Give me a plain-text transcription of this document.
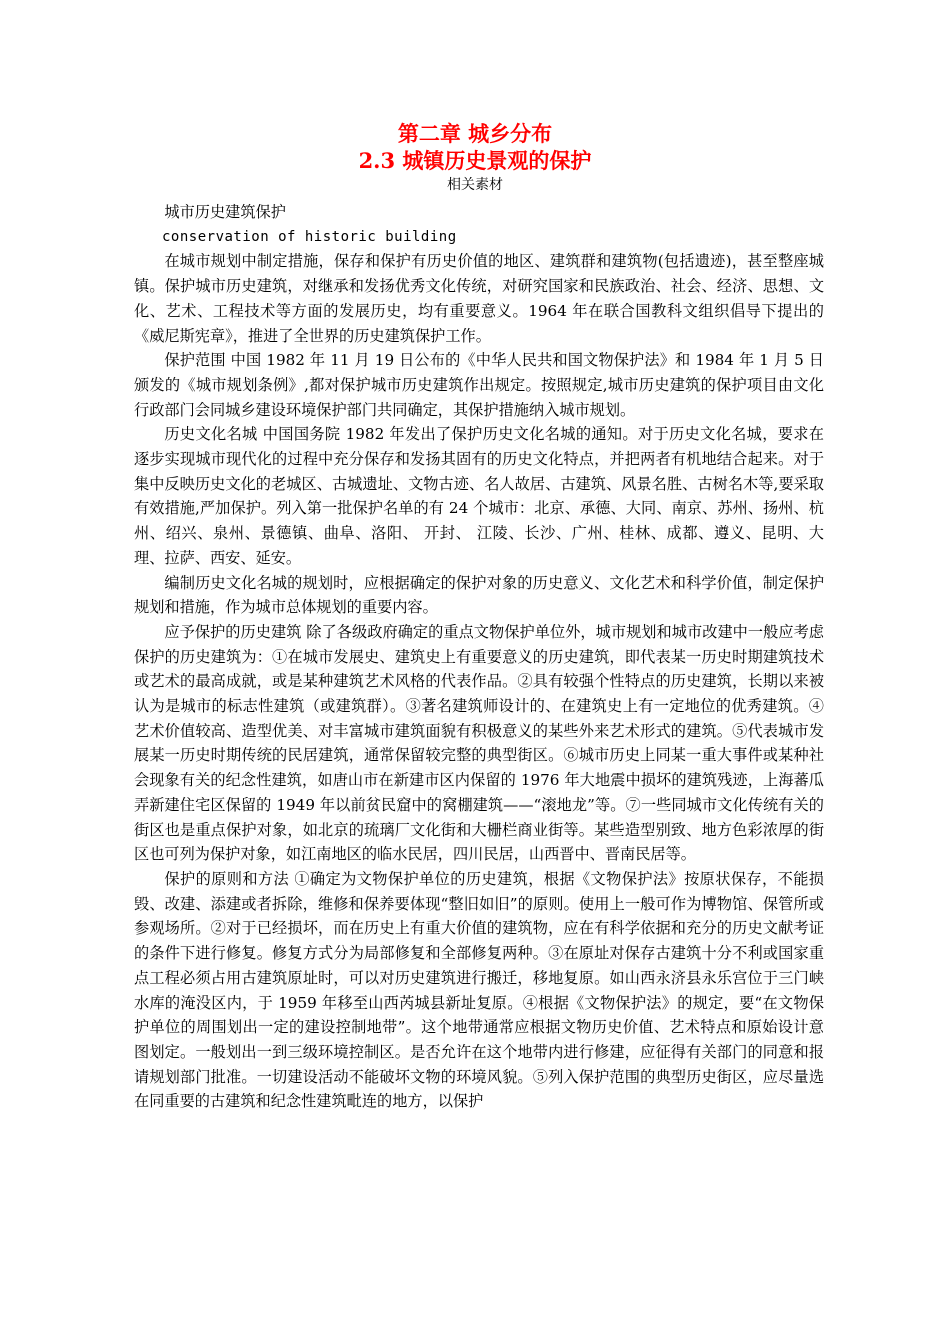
第二章 城乡分布
2.3 城镇历史景观的保护
相关素材
城市历史建筑保护
conservation of historic building

在城市规划中制定措施，保存和保护有历史价值的地区、建筑群和建筑物(包括遗迹)，甚至整座城镇。保护城市历史建筑，对继承和发扬优秀文化传统，对研究国家和民族政治、社会、经济、思想、文化、艺术、工程技术等方面的发展历史，均有重要意义。1964 年在联合国教科文组织倡导下提出的《威尼斯宪章》，推进了全世界的历史建筑保护工作。

保护范围 中国 1982 年 11 月 19 日公布的《中华人民共和国文物保护法》和 1984 年 1 月 5 日颁发的《城市规划条例》,都对保护城市历史建筑作出规定。按照规定,城市历史建筑的保护项目由文化行政部门会同城乡建设环境保护部门共同确定，其保护措施纳入城市规划。

历史文化名城 中国国务院 1982 年发出了保护历史文化名城的通知。对于历史文化名城，要求在逐步实现城市现代化的过程中充分保存和发扬其固有的历史文化特点，并把两者有机地结合起来。对于集中反映历史文化的老城区、古城遗址、文物古迹、名人故居、古建筑、风景名胜、古树名木等,要采取有效措施,严加保护。列入第一批保护名单的有 24 个城市：北京、承德、大同、南京、苏州、扬州、杭州、绍兴、泉州、景德镇、曲阜、洛阳、 开封、 江陵、长沙、广州、桂林、成都、遵义、昆明、大理、拉萨、西安、延安。

编制历史文化名城的规划时，应根据确定的保护对象的历史意义、文化艺术和科学价值，制定保护规划和措施，作为城市总体规划的重要内容。

应予保护的历史建筑 除了各级政府确定的重点文物保护单位外，城市规划和城市改建中一般应考虑保护的历史建筑为：①在城市发展史、建筑史上有重要意义的历史建筑，即代表某一历史时期建筑技术或艺术的最高成就，或是某种建筑艺术风格的代表作品。②具有较强个性特点的历史建筑，长期以来被认为是城市的标志性建筑（或建筑群）。③著名建筑师设计的、在建筑史上有一定地位的优秀建筑。④艺术价值较高、造型优美、对丰富城市建筑面貌有积极意义的某些外来艺术形式的建筑。⑤代表城市发展某一历史时期传统的民居建筑，通常保留较完整的典型街区。⑥城市历史上同某一重大事件或某种社会现象有关的纪念性建筑，如唐山市在新建市区内保留的 1976 年大地震中损坏的建筑残迹，上海蕃瓜弄新建住宅区保留的 1949 年以前贫民窟中的窝棚建筑——“滚地龙”等。⑦一些同城市文化传统有关的街区也是重点保护对象，如北京的琉璃厂文化街和大栅栏商业街等。某些造型别致、地方色彩浓厚的街区也可列为保护对象，如江南地区的临水民居，四川民居，山西晋中、晋南民居等。

保护的原则和方法 ①确定为文物保护单位的历史建筑，根据《文物保护法》按原状保存，不能损毁、改建、添建或者拆除，维修和保养要体现“整旧如旧”的原则。使用上一般可作为博物馆、保管所或参观场所。②对于已经损坏，而在历史上有重大价值的建筑物，应在有科学依据和充分的历史文献考证的条件下进行修复。修复方式分为局部修复和全部修复两种。③在原址对保存古建筑十分不利或国家重点工程必须占用古建筑原址时，可以对历史建筑进行搬迁，移地复原。如山西永济县永乐宫位于三门峡水库的淹没区内，于 1959 年移至山西芮城县新址复原。④根据《文物保护法》的规定，要“在文物保护单位的周围划出一定的建设控制地带”。这个地带通常应根据文物历史价值、艺术特点和原始设计意图划定。一般划出一到三级环境控制区。是否允许在这个地带内进行修建，应征得有关部门的同意和报请规划部门批准。一切建设活动不能破坏文物的环境风貌。⑤列入保护范围的典型历史街区，应尽量选在同重要的古建筑和纪念性建筑毗连的地方，以保护
